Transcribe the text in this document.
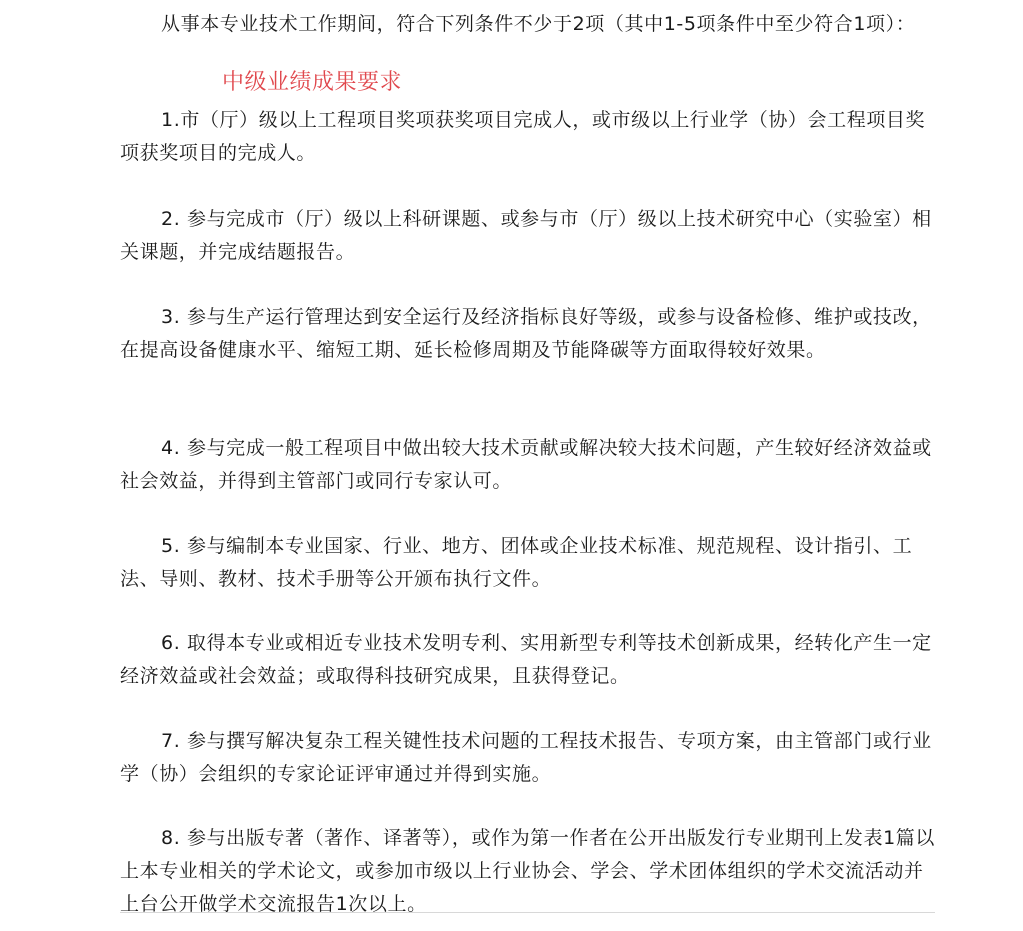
从事本专业技术工作期间，符合下列条件不少于2项（其中1-5项条件中至少符合1项）：

中级业绩成果要求

1.市（厅）级以上工程项目奖项获奖项目完成人，或市级以上行业学（协）会工程项目奖项获奖项目的完成人。

2. 参与完成市（厅）级以上科研课题、或参与市（厅）级以上技术研究中心（实验室）相关课题，并完成结题报告。

3. 参与生产运行管理达到安全运行及经济指标良好等级，或参与设备检修、维护或技改，在提高设备健康水平、缩短工期、延长检修周期及节能降碳等方面取得较好效果。

4. 参与完成一般工程项目中做出较大技术贡献或解决较大技术问题，产生较好经济效益或社会效益，并得到主管部门或同行专家认可。

5. 参与编制本专业国家、行业、地方、团体或企业技术标准、规范规程、设计指引、工法、导则、教材、技术手册等公开颁布执行文件。

6. 取得本专业或相近专业技术发明专利、实用新型专利等技术创新成果，经转化产生一定经济效益或社会效益；或取得科技研究成果，且获得登记。

7. 参与撰写解决复杂工程关键性技术问题的工程技术报告、专项方案，由主管部门或行业学（协）会组织的专家论证评审通过并得到实施。

8. 参与出版专著（著作、译著等），或作为第一作者在公开出版发行专业期刊上发表1篇以上本专业相关的学术论文，或参加市级以上行业协会、学会、学术团体组织的学术交流活动并上台公开做学术交流报告1次以上。
